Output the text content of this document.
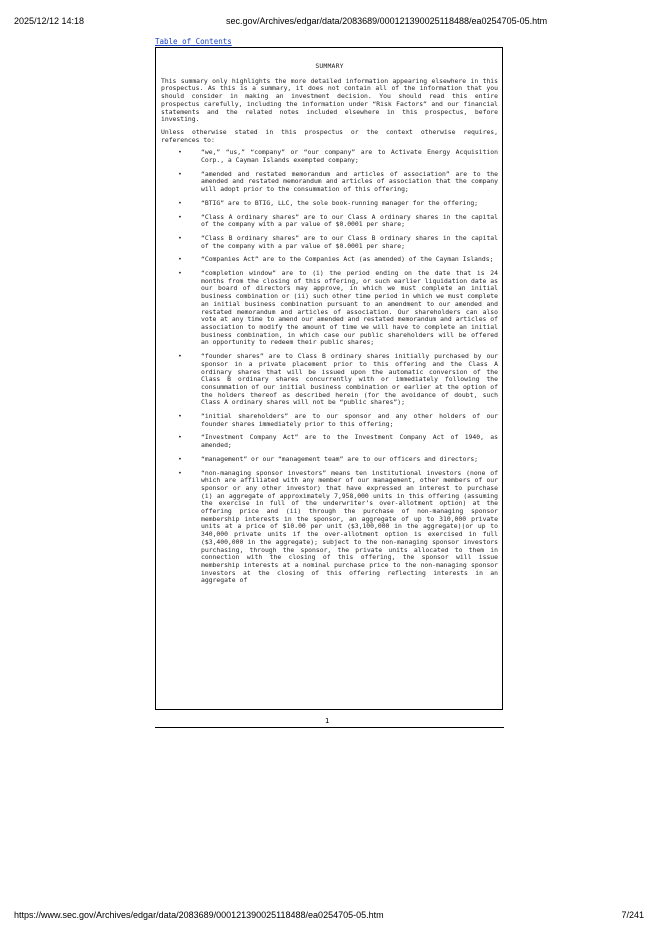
2025/12/12 14:18	sec.gov/Archives/edgar/data/2083689/000121390025118488/ea0254705-05.htm
Table of Contents
SUMMARY

This summary only highlights the more detailed information appearing elsewhere in this prospectus. As this is a summary, it does not contain all of the information that you should consider in making an investment decision. You should read this entire prospectus carefully, including the information under “Risk Factors” and our financial statements and the related notes included elsewhere in this prospectus, before investing.

Unless otherwise stated in this prospectus or the context otherwise requires, references to:

•	“we,” “us,” “company” or “our company” are to Activate Energy Acquisition Corp., a Cayman Islands exempted company;
•	“amended and restated memorandum and articles of association” are to the amended and restated memorandum and articles of association that the company will adopt prior to the consummation of this offering;
•	“BTIG” are to BTIG, LLC, the sole book-running manager for the offering;
•	“Class A ordinary shares” are to our Class A ordinary shares in the capital of the company with a par value of $0.0001 per share;
•	“Class B ordinary shares” are to our Class B ordinary shares in the capital of the company with a par value of $0.0001 per share;
•	“Companies Act” are to the Companies Act (as amended) of the Cayman Islands;
•	“completion window” are to (i) the period ending on the date that is 24 months from the closing of this offering, or such earlier liquidation date as our board of directors may approve, in which we must complete an initial business combination or (ii) such other time period in which we must complete an initial business combination pursuant to an amendment to our amended and restated memorandum and articles of association. Our shareholders can also vote at any time to amend our amended and restated memorandum and articles of association to modify the amount of time we will have to complete an initial business combination, in which case our public shareholders will be offered an opportunity to redeem their public shares;
•	“founder shares” are to Class B ordinary shares initially purchased by our sponsor in a private placement prior to this offering and the Class A ordinary shares that will be issued upon the automatic conversion of the Class B ordinary shares concurrently with or immediately following the consummation of our initial business combination or earlier at the option of the holders thereof as described herein (for the avoidance of doubt, such Class A ordinary shares will not be “public shares”);
•	“initial shareholders” are to our sponsor and any other holders of our founder shares immediately prior to this offering;
•	“Investment Company Act” are to the Investment Company Act of 1940, as amended;
•	“management” or our “management team” are to our officers and directors;
•	“non-managing sponsor investors” means ten institutional investors (none of which are affiliated with any member of our management, other members of our sponsor or any other investor) that have expressed an interest to purchase (i) an aggregate of approximately 7,958,000 units in this offering (assuming the exercise in full of the underwriter’s over-allotment option) at the offering price and (ii) through the purchase of non-managing sponsor membership interests in the sponsor, an aggregate of up to 310,000 private units at a price of $10.00 per unit ($3,100,000 in the aggregate)(or up to 340,000 private units if the over-allotment option is exercised in full ($3,400,000 in the aggregate); subject to the non-managing sponsor investors purchasing, through the sponsor, the private units allocated to them in connection with the closing of this offering, the sponsor will issue membership interests at a nominal purchase price to the non-managing sponsor investors at the closing of this offering reflecting interests in an aggregate of
1
https://www.sec.gov/Archives/edgar/data/2083689/000121390025118488/ea0254705-05.htm	7/241
